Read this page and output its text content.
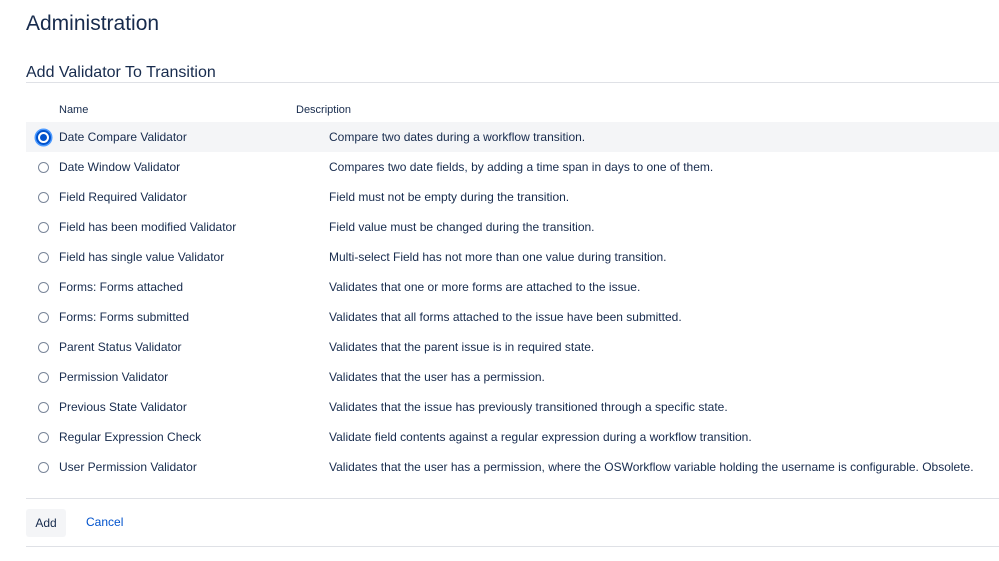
Administration
Add Validator To Transition
Name	Description
Date Compare Validator	Compare two dates during a workflow transition.
Date Window Validator	Compares two date fields, by adding a time span in days to one of them.
Field Required Validator	Field must not be empty during the transition.
Field has been modified Validator	Field value must be changed during the transition.
Field has single value Validator	Multi-select Field has not more than one value during transition.
Forms: Forms attached	Validates that one or more forms are attached to the issue.
Forms: Forms submitted	Validates that all forms attached to the issue have been submitted.
Parent Status Validator	Validates that the parent issue is in required state.
Permission Validator	Validates that the user has a permission.
Previous State Validator	Validates that the issue has previously transitioned through a specific state.
Regular Expression Check	Validate field contents against a regular expression during a workflow transition.
User Permission Validator	Validates that the user has a permission, where the OSWorkflow variable holding the username is configurable. Obsolete.
Add	Cancel
